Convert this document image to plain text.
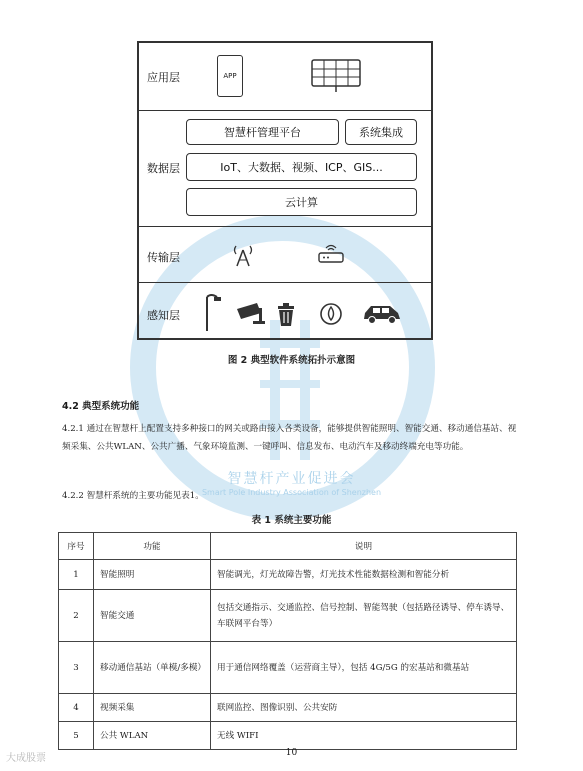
智慧杆产业促进会
Smart Pole Industry Association of Shenzhen
应用层
数据层
传输层
感知层
APP
智慧杆管理平台	系统集成
IoT、大数据、视频、ICP、GIS...
云计算
图 2 典型软件系统拓扑示意图
4.2 典型系统功能
4.2.1 通过在智慧杆上配置支持多种接口的网关或路由接入各类设备，能够提供智能照明、智能交通、移动通信基站、视频采集、公共WLAN、公共广播、气象环境监测、一键呼叫、信息发布、电动汽车及移动终端充电等功能。
4.2.2 智慧杆系统的主要功能见表1。
表 1 系统主要功能
序号	功能	说明
1	智能照明	智能调光，灯光故障告警，灯光技术性能数据检测和智能分析
2	智能交通	包括交通指示、交通监控、信号控制、智能驾驶（包括路径诱导、停车诱导、车联网平台等）
3	移动通信基站（单模/多模）	用于通信网络覆盖（运营商主导），包括 4G/5G 的宏基站和微基站
4	视频采集	联网监控、图像识别、公共安防
5	公共 WLAN	无线 WIFI
10
大成股票
